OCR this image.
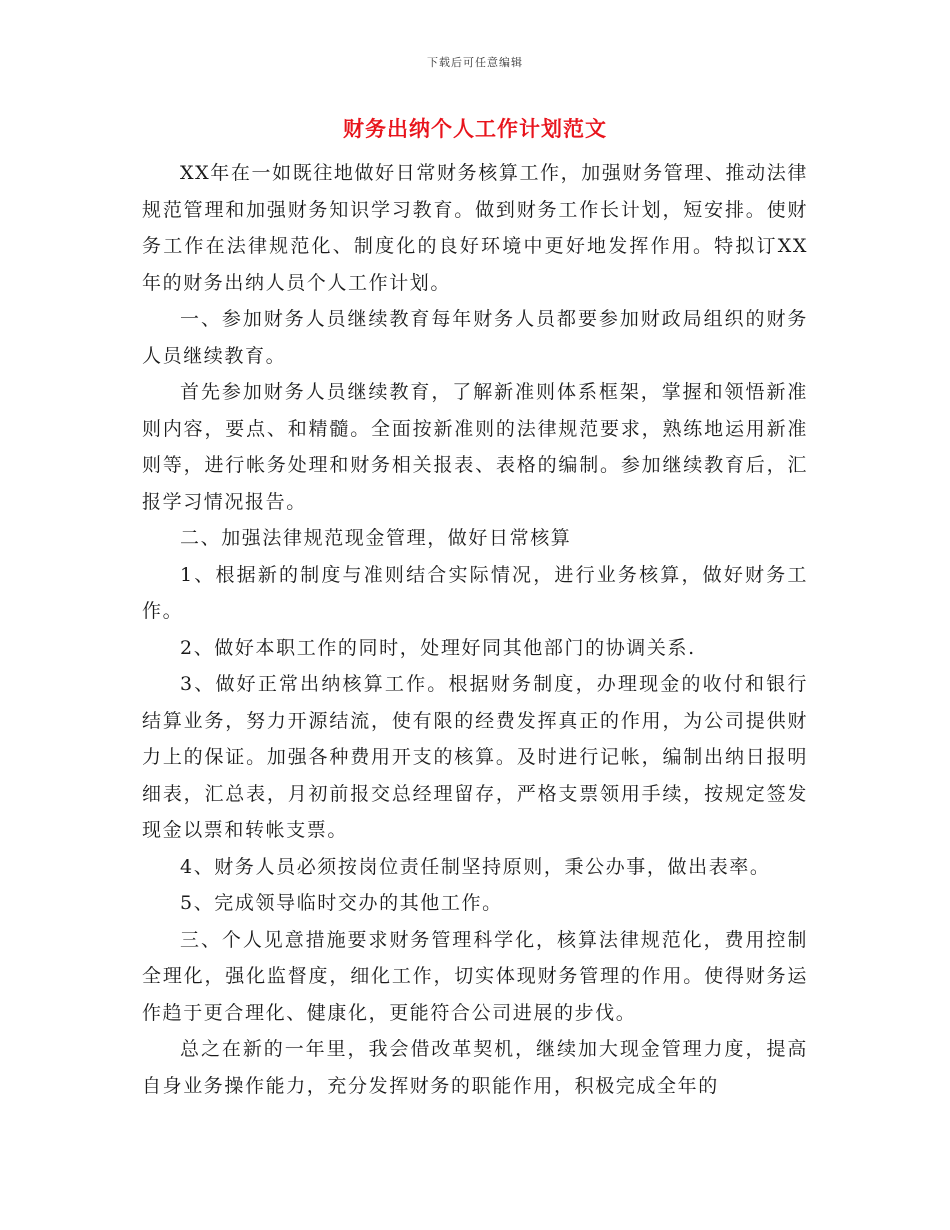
下载后可任意编辑
财务出纳个人工作计划范文

XX年在一如既往地做好日常财务核算工作，加强财务管理、推动法律规范管理和加强财务知识学习教育。做到财务工作长计划，短安排。使财务工作在法律规范化、制度化的良好环境中更好地发挥作用。特拟订XX年的财务出纳人员个人工作计划。

一、参加财务人员继续教育每年财务人员都要参加财政局组织的财务人员继续教育。

首先参加财务人员继续教育，了解新准则体系框架，掌握和领悟新准则内容，要点、和精髓。全面按新准则的法律规范要求，熟练地运用新准则等，进行帐务处理和财务相关报表、表格的编制。参加继续教育后，汇报学习情况报告。

二、加强法律规范现金管理，做好日常核算

1、根据新的制度与准则结合实际情况，进行业务核算，做好财务工作。

2、做好本职工作的同时，处理好同其他部门的协调关系.

3、做好正常出纳核算工作。根据财务制度，办理现金的收付和银行结算业务，努力开源结流，使有限的经费发挥真正的作用，为公司提供财力上的保证。加强各种费用开支的核算。及时进行记帐，编制出纳日报明细表，汇总表，月初前报交总经理留存，严格支票领用手续，按规定签发现金以票和转帐支票。

4、财务人员必须按岗位责任制坚持原则，秉公办事，做出表率。

5、完成领导临时交办的其他工作。

三、个人见意措施要求财务管理科学化，核算法律规范化，费用控制全理化，强化监督度，细化工作，切实体现财务管理的作用。使得财务运作趋于更合理化、健康化，更能符合公司进展的步伐。

总之在新的一年里，我会借改革契机，继续加大现金管理力度，提高自身业务操作能力，充分发挥财务的职能作用，积极完成全年的
